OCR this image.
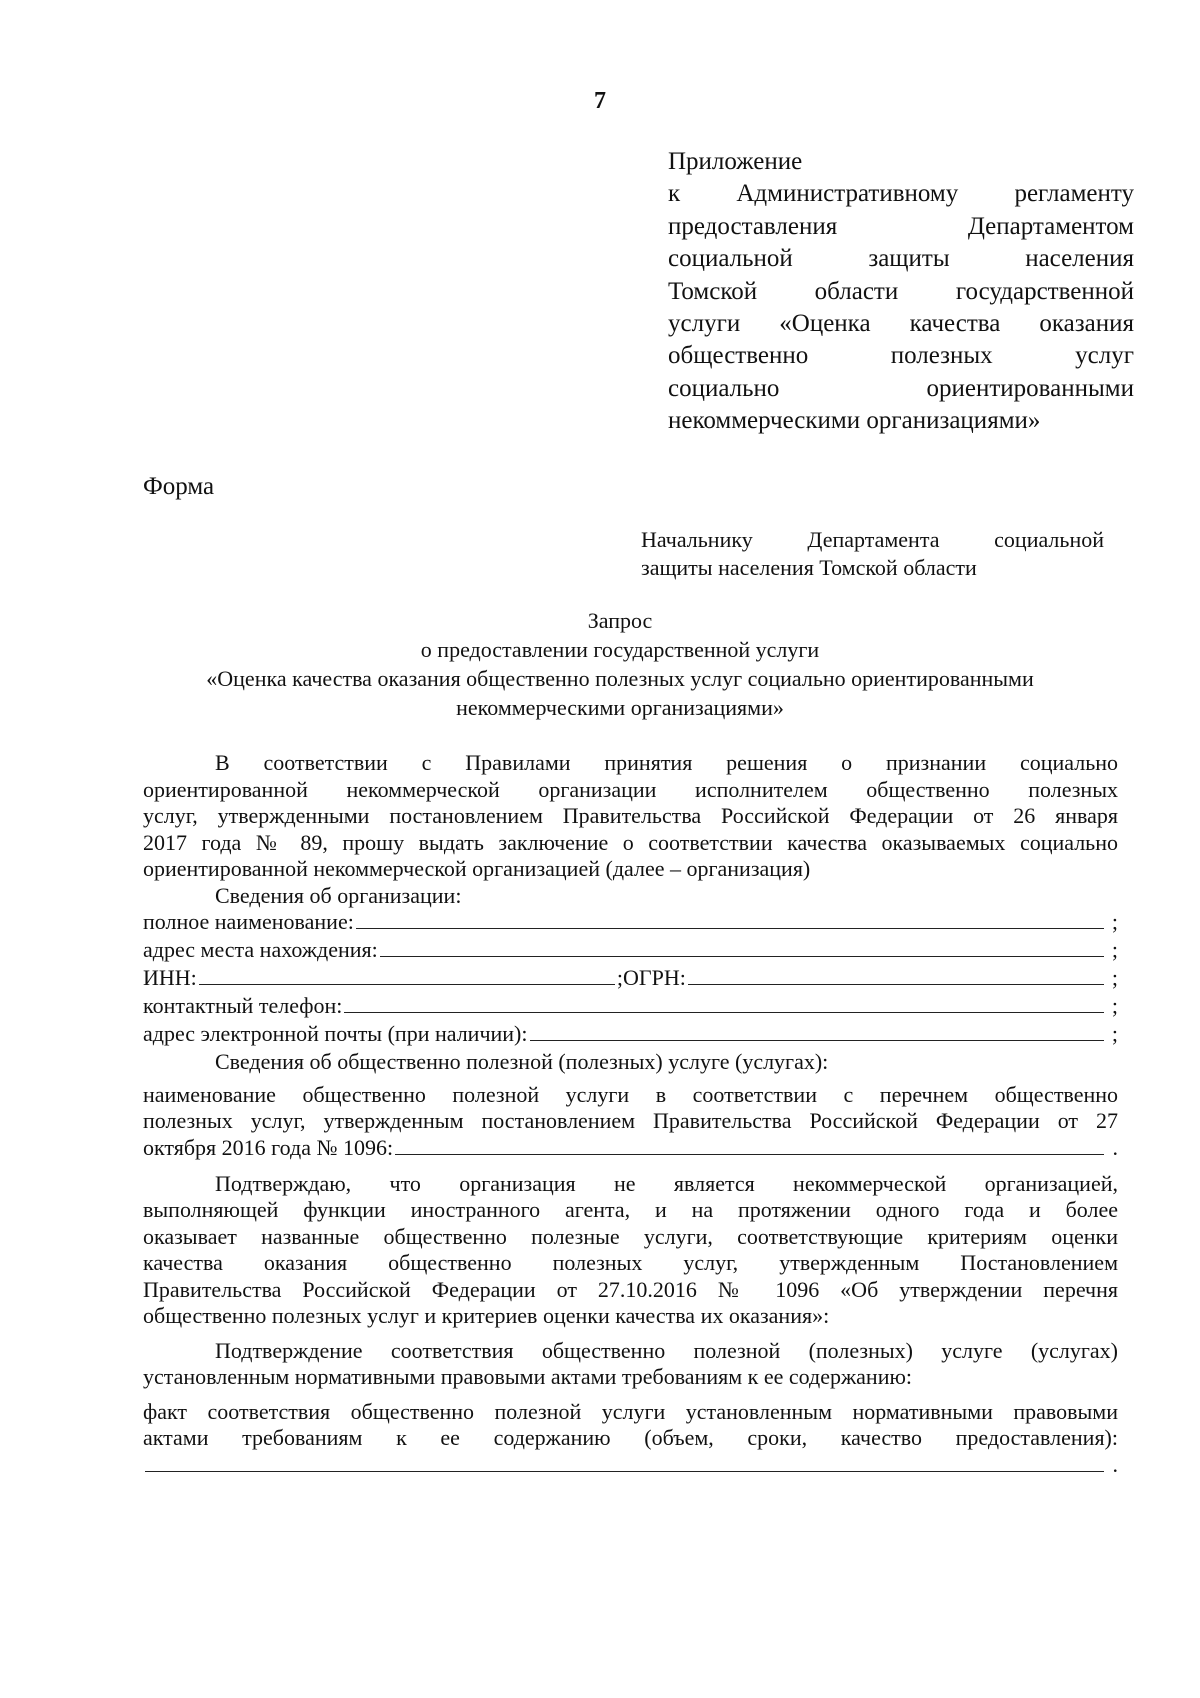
7
Приложение
к Административному регламенту
предоставления Департаментом
социальной защиты населения
Томской области государственной
услуги «Оценка качества оказания
общественно полезных услуг
социально ориентированными
некоммерческими организациями»
Форма
Начальнику Департамента социальной
защиты населения Томской области
Запрос
о предоставлении государственной услуги
«Оценка качества оказания общественно полезных услуг социально ориентированными
некоммерческими организациями»
В соответствии с Правилами принятия решения о признании социально
ориентированной некоммерческой организации исполнителем общественно полезных
услуг, утвержденными постановлением Правительства Российской Федерации от 26 января
2017 года № 89, прошу выдать заключение о соответствии качества оказываемых социально
ориентированной некоммерческой организацией (далее – организация)
Сведения об организации:
полное наименование:	;
адрес места нахождения:	;
ИНН:	;ОГРН:	;
контактный телефон:	;
адрес электронной почты (при наличии):	;
Сведения об общественно полезной (полезных) услуге (услугах):
наименование общественно полезной услуги в соответствии с перечнем общественно
полезных услуг, утвержденным постановлением Правительства Российской Федерации от 27
октября 2016 года № 1096:	.
Подтверждаю, что организация не является некоммерческой организацией,
выполняющей функции иностранного агента, и на протяжении одного года и более
оказывает названные общественно полезные услуги, соответствующие критериям оценки
качества оказания общественно полезных услуг, утвержденным Постановлением
Правительства Российской Федерации от 27.10.2016 № 1096 «Об утверждении перечня
общественно полезных услуг и критериев оценки качества их оказания»:
Подтверждение соответствия общественно полезной (полезных) услуге (услугах)
установленным нормативными правовыми актами требованиям к ее содержанию:
факт соответствия общественно полезной услуги установленным нормативными правовыми
актами требованиям к ее содержанию (объем, сроки, качество предоставления):
.
